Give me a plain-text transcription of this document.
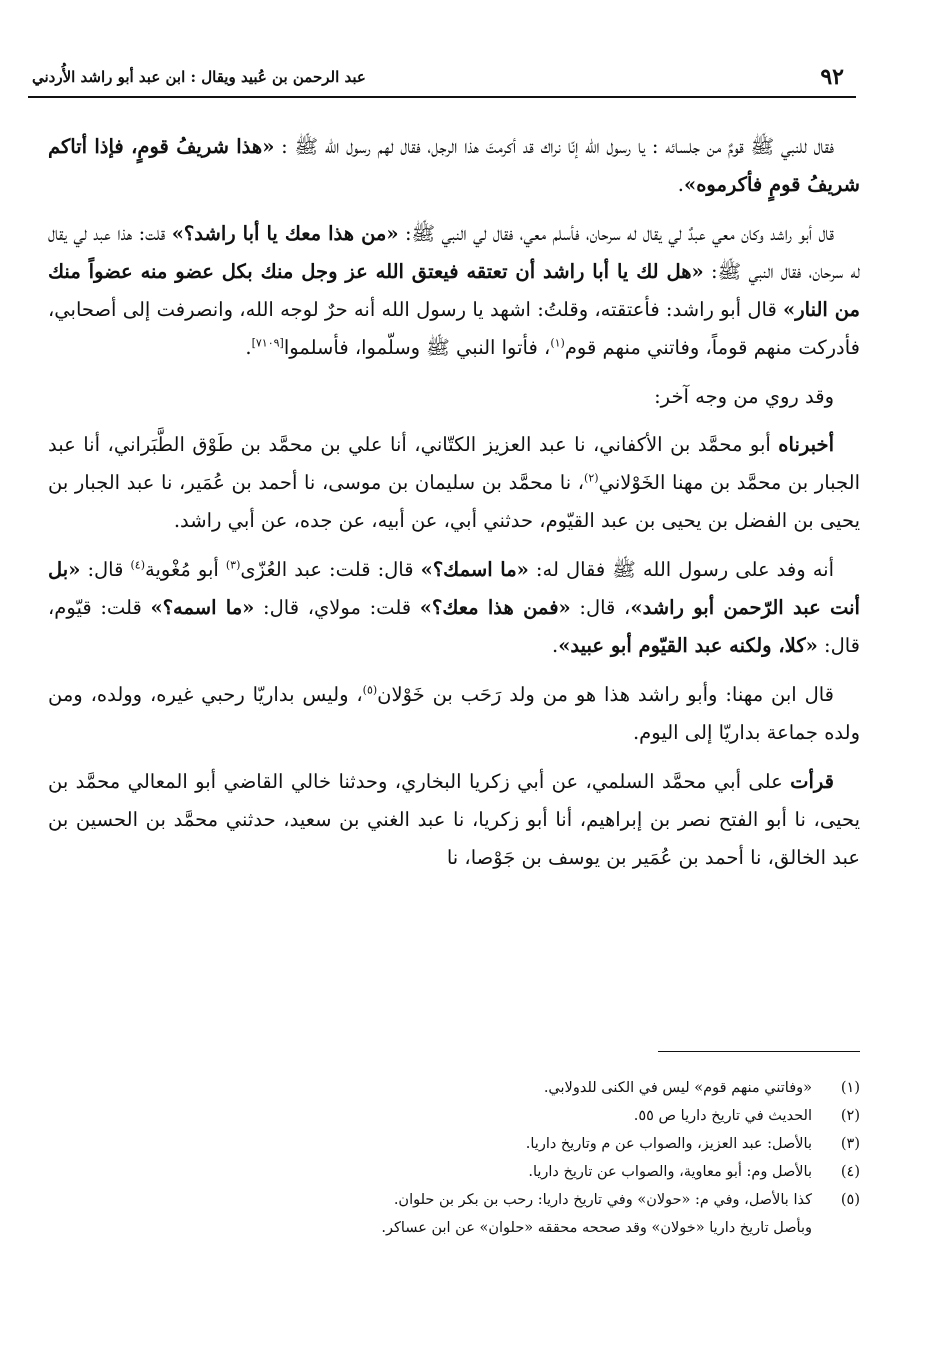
٩٢
عبد الرحمن بن عُبيد ويقال : ابن عبد أبو راشد الأُردني

فقال للنبي ﷺ قومٌ من جلسائه : يا رسول الله إنّا نراك قد أكرمتَ هذا الرجل، فقال لهم رسول الله ﷺ : «هذا شريفُ قومٍ، فإذا أتاكم شريفُ قومٍ فأكرموه».

قال أبو راشد وكان معي عبدٌ لي يقال له سرحان، فأسلم معي، فقال لي النبي ﷺ: «من هذا معك يا أبا راشد؟» قلت: هذا عبد لي يقال له سرحان، فقال النبي ﷺ: «هل لك يا أبا راشد أن تعتقه فيعتق الله عز وجل منك بكل عضو منه عضواً منك من النار» قال أبو راشد: فأعتقته، وقلتُ: اشهد يا رسول الله أنه حرٌ لوجه الله، وانصرفت إلى أصحابي، فأدركت منهم قوماً، وفاتني منهم قوم$^{(١)}$، فأتوا النبي ﷺ وسلّموا، فأسلموا[٧١٠٩].

وقد روي من وجه آخر:

أخبرناه أبو محمَّد بن الأكفاني، نا عبد العزيز الكتّاني، أنا علي بن محمَّد بن طَوْق الطَّبَراني، أنا عبد الجبار بن محمَّد بن مهنا الخَوْلاني$^{(٢)}$، نا محمَّد بن سليمان بن موسى، نا أحمد بن عُمَير، نا عبد الجبار بن يحيى بن الفضل بن يحيى بن عبد القيّوم، حدثني أبي، عن أبيه، عن جده، عن أبي راشد.

أنه وفد على رسول الله ﷺ فقال له: «ما اسمك؟» قال: قلت: عبد العُزّى$^{(٣)}$ أبو مُغْوية$^{(٤)}$ قال: «بل أنت عبد الرّحمن أبو راشد»، قال: «فمن هذا معك؟» قلت: مولاي، قال: «ما اسمه؟» قلت: قيّوم، قال: «كلا، ولكنه عبد القيّوم أبو عبيد».

قال ابن مهنا: وأبو راشد هذا هو من ولد رَحَب بن خَوْلان$^{(٥)}$، وليس بداريّا رحبي غيره، وولده، ومن ولده جماعة بداريّا إلى اليوم.

قرأت على أبي محمَّد السلمي، عن أبي زكريا البخاري، وحدثنا خالي القاضي أبو المعالي محمَّد بن يحيى، نا أبو الفتح نصر بن إبراهيم، أنا أبو زكريا، نا عبد الغني بن سعيد، حدثني محمَّد بن الحسين بن عبد الخالق، نا أحمد بن عُمَير بن يوسف بن جَوْصا، نا

(١)
«وفاتني منهم قوم» ليس في الكنى للدولابي.
(٢)
الحديث في تاريخ داريا ص ٥٥.
(٣)
بالأصل: عبد العزيز، والصواب عن م وتاريخ داريا.
(٤)
بالأصل وم: أبو معاوية، والصواب عن تاريخ داريا.
(٥)
كذا بالأصل، وفي م: «حولان» وفي تاريخ داريا: رحب بن بكر بن حلوان.
وبأصل تاريخ داريا «خولان» وقد صححه محققه «حلوان» عن ابن عساكر.
